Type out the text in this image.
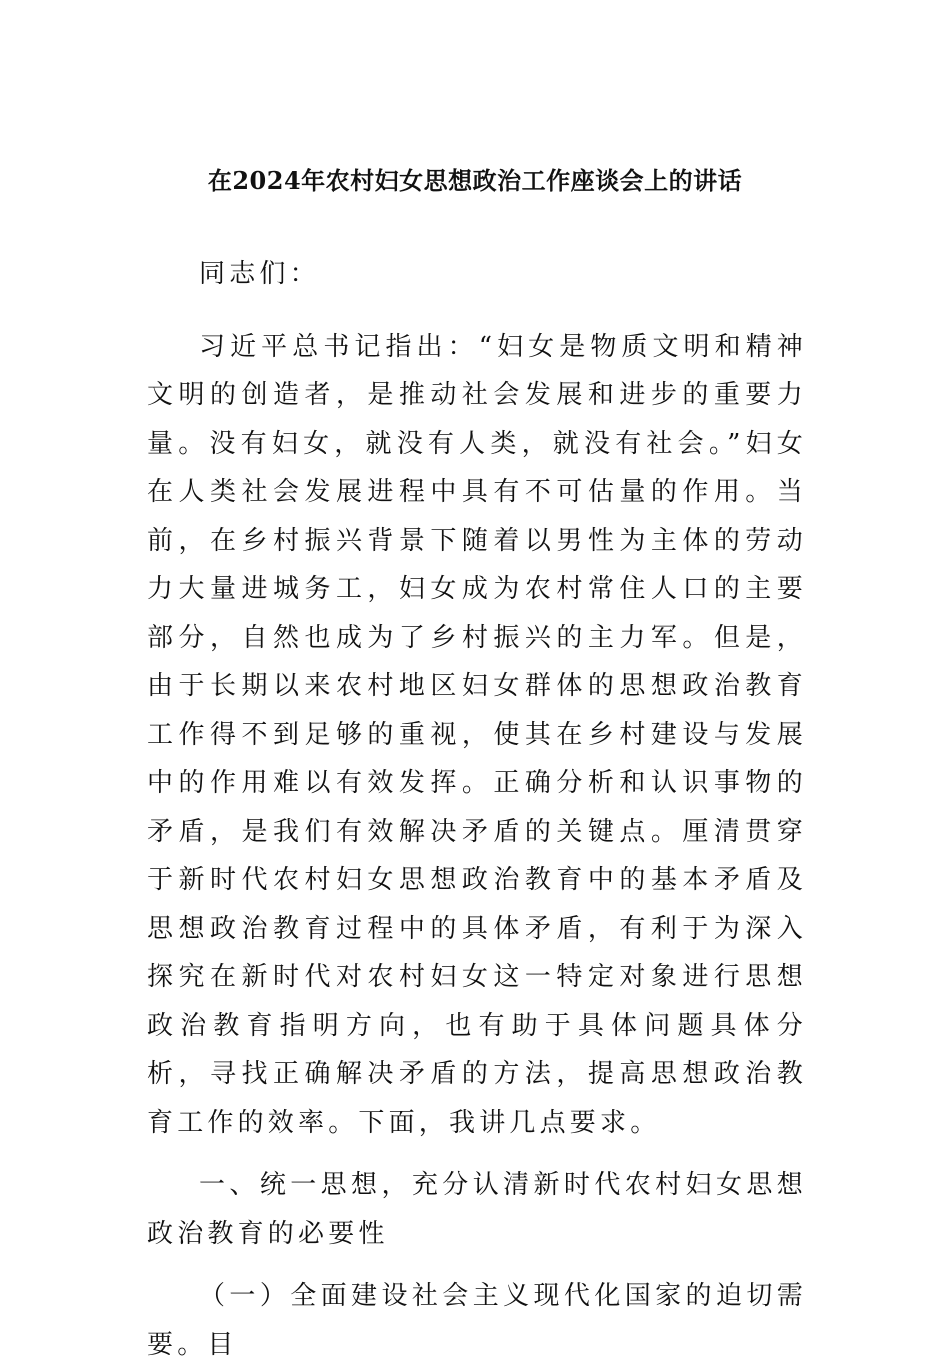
在2024年农村妇女思想政治工作座谈会上的讲话

同志们：

习近平总书记指出：“妇女是物质文明和精神文明的创造者，是推动社会发展和进步的重要力量。没有妇女，就没有人类，就没有社会。”妇女在人类社会发展进程中具有不可估量的作用。当前，在乡村振兴背景下随着以男性为主体的劳动力大量进城务工，妇女成为农村常住人口的主要部分，自然也成为了乡村振兴的主力军。但是，由于长期以来农村地区妇女群体的思想政治教育工作得不到足够的重视，使其在乡村建设与发展中的作用难以有效发挥。正确分析和认识事物的矛盾，是我们有效解决矛盾的关键点。厘清贯穿于新时代农村妇女思想政治教育中的基本矛盾及思想政治教育过程中的具体矛盾，有利于为深入探究在新时代对农村妇女这一特定对象进行思想政治教育指明方向，也有助于具体问题具体分析，寻找正确解决矛盾的方法，提高思想政治教育工作的效率。下面，我讲几点要求。

一、统一思想，充分认清新时代农村妇女思想政治教育的必要性

（一）全面建设社会主义现代化国家的迫切需要。目
